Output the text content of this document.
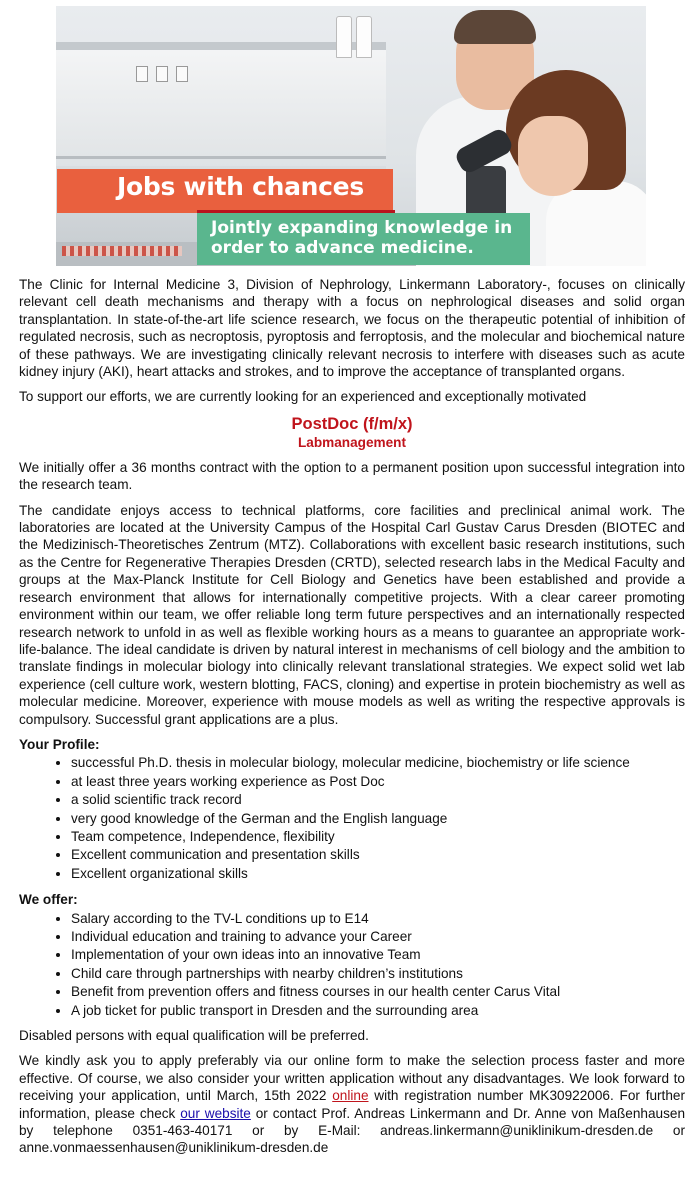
Jobs with chances
Jointly expanding knowledge in
order to advance medicine.

The Clinic for Internal Medicine 3, Division of Nephrology, Linkermann Laboratory-, focuses on clinically relevant cell death mechanisms and therapy with a focus on nephrological diseases and solid organ transplantation. In state-of-the-art life science research, we focus on the therapeutic potential of inhibition of regulated necrosis, such as necroptosis, pyroptosis and ferroptosis, and the molecular and biochemical nature of these pathways. We are investigating clinically relevant necrosis to interfere with diseases such as acute kidney injury (AKI), heart attacks and strokes, and to improve the acceptance of transplanted organs.

To support our efforts, we are currently looking for an experienced and exceptionally motivated

PostDoc (f/m/x)
Labmanagement

We initially offer a 36 months contract with the option to a permanent position upon successful integration into the research team.

The candidate enjoys access to technical platforms, core facilities and preclinical animal work. The laboratories are located at the University Campus of the Hospital Carl Gustav Carus Dresden (BIOTEC and the Medizinisch-Theoretisches Zentrum (MTZ). Collaborations with excellent basic research institutions, such as the Centre for Regenerative Therapies Dresden (CRTD), selected research labs in the Medical Faculty and groups at the Max-Planck Institute for Cell Biology and Genetics have been established and provide a research environment that allows for internationally competitive projects. With a clear career promoting environment within our team, we offer reliable long term future perspectives and an internationally respected research network to unfold in as well as flexible working hours as a means to guarantee an appropriate work-life-balance. The ideal candidate is driven by natural interest in mechanisms of cell biology and the ambition to translate findings in molecular biology into clinically relevant translational strategies. We expect solid wet lab experience (cell culture work, western blotting, FACS, cloning) and expertise in protein biochemistry as well as molecular medicine. Moreover, experience with mouse models as well as writing the respective approvals is compulsory. Successful grant applications are a plus.

Your Profile:
• successful Ph.D. thesis in molecular biology, molecular medicine, biochemistry or life science
• at least three years working experience as Post Doc
• a solid scientific track record
• very good knowledge of the German and the English language
• Team competence, Independence, flexibility
• Excellent communication and presentation skills
• Excellent organizational skills
We offer:
• Salary according to the TV-L conditions up to E14
• Individual education and training to advance your Career
• Implementation of your own ideas into an innovative Team
• Child care through partnerships with nearby children’s institutions
• Benefit from prevention offers and fitness courses in our health center Carus Vital
• A job ticket for public transport in Dresden and the surrounding area

Disabled persons with equal qualification will be preferred.

We kindly ask you to apply preferably via our online form to make the selection process faster and more effective. Of course, we also consider your written application without any disadvantages. We look forward to receiving your application, until March, 15th 2022 online with registration number MK30922006. For further information, please check our website or contact Prof. Andreas Linkermann and Dr. Anne von Maßenhausen by telephone 0351-463-40171 or by E-Mail: andreas.linkermann@uniklinikum-dresden.de or anne.vonmaessenhausen@uniklinikum-dresden.de
